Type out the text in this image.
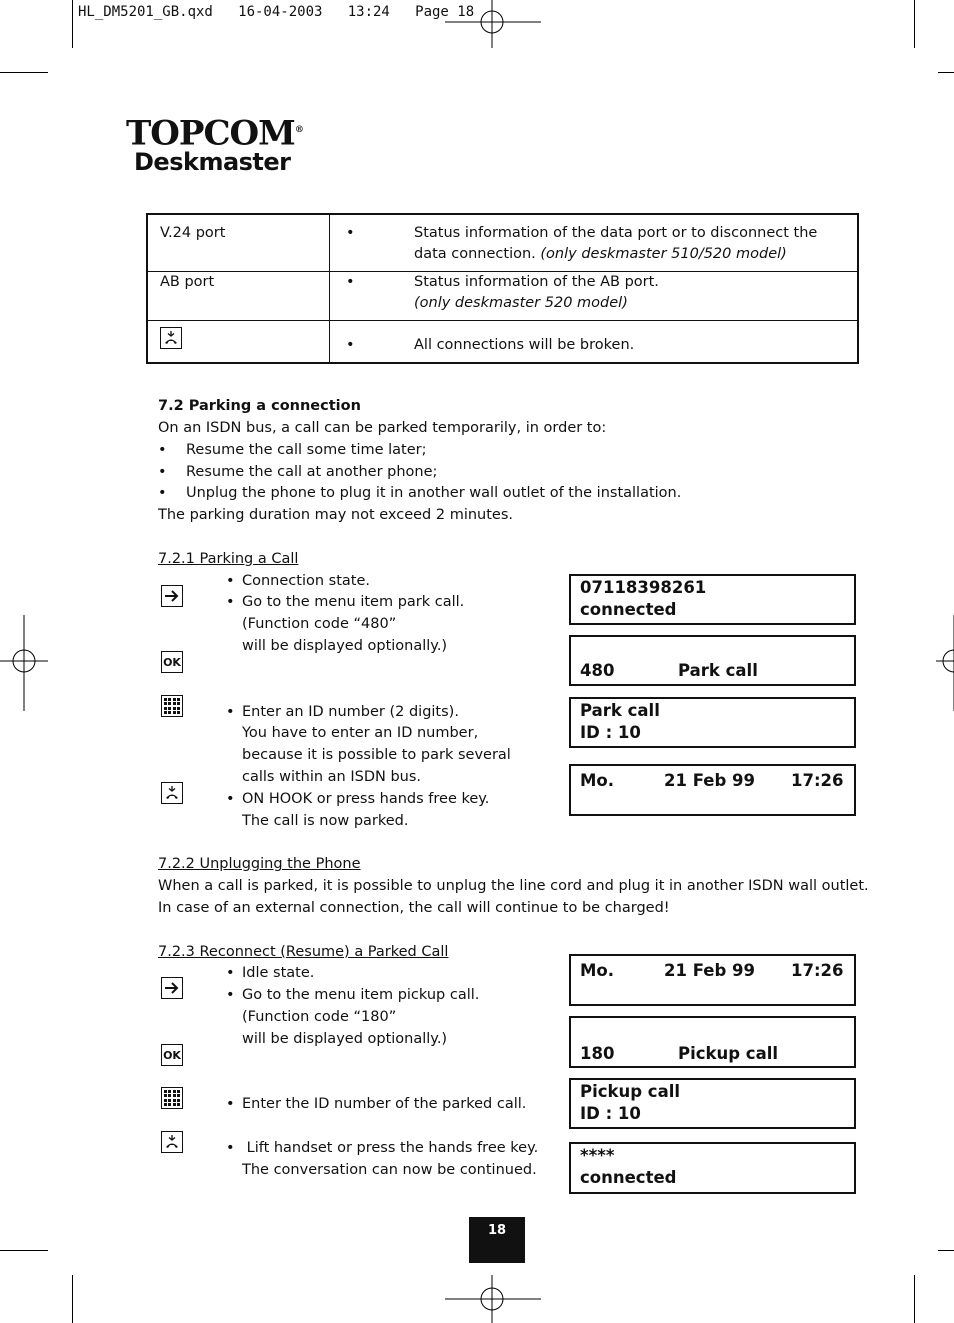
HL_DM5201_GB.qxd   16-04-2003   13:24   Page 18
TOPCOM®
Deskmaster
V.24 port	• Status information of the data port or to disconnect the
data connection. (only deskmaster 510/520 model)

AB port	• Status information of the AB port.
(only deskmaster 520 model)

• All connections will be broken.
7.2 Parking a connection
On an ISDN bus, a call can be parked temporarily, in order to:
• Resume the call some time later;
• Resume the call at another phone;
• Unplug the phone to plug it in another wall outlet of the installation.
The parking duration may not exceed 2 minutes.
7.2.1 Parking a Call
OK
• Connection state.
• Go to the menu item park call.
(Function code “480”
will be displayed optionally.)
• Enter an ID number (2 digits).
You have to enter an ID number,
because it is possible to park several
calls within an ISDN bus.
• ON HOOK or press hands free key.
The call is now parked.
07118398261
connected
480	Park call
Park call
ID : 10
Mo.	21 Feb 99 17:26
7.2.2 Unplugging the Phone
When a call is parked, it is possible to unplug the line cord and plug it in another ISDN wall outlet.
In case of an external connection, the call will continue to be charged!
7.2.3 Reconnect (Resume) a Parked Call
OK
• Idle state.
• Go to the menu item pickup call.
(Function code “180”
will be displayed optionally.)
• Enter the ID number of the parked call.
• Lift handset or press the hands free key.
The conversation can now be continued.
Mo.	21 Feb 99 17:26
180	Pickup call
Pickup call
ID : 10
****
connected
18
